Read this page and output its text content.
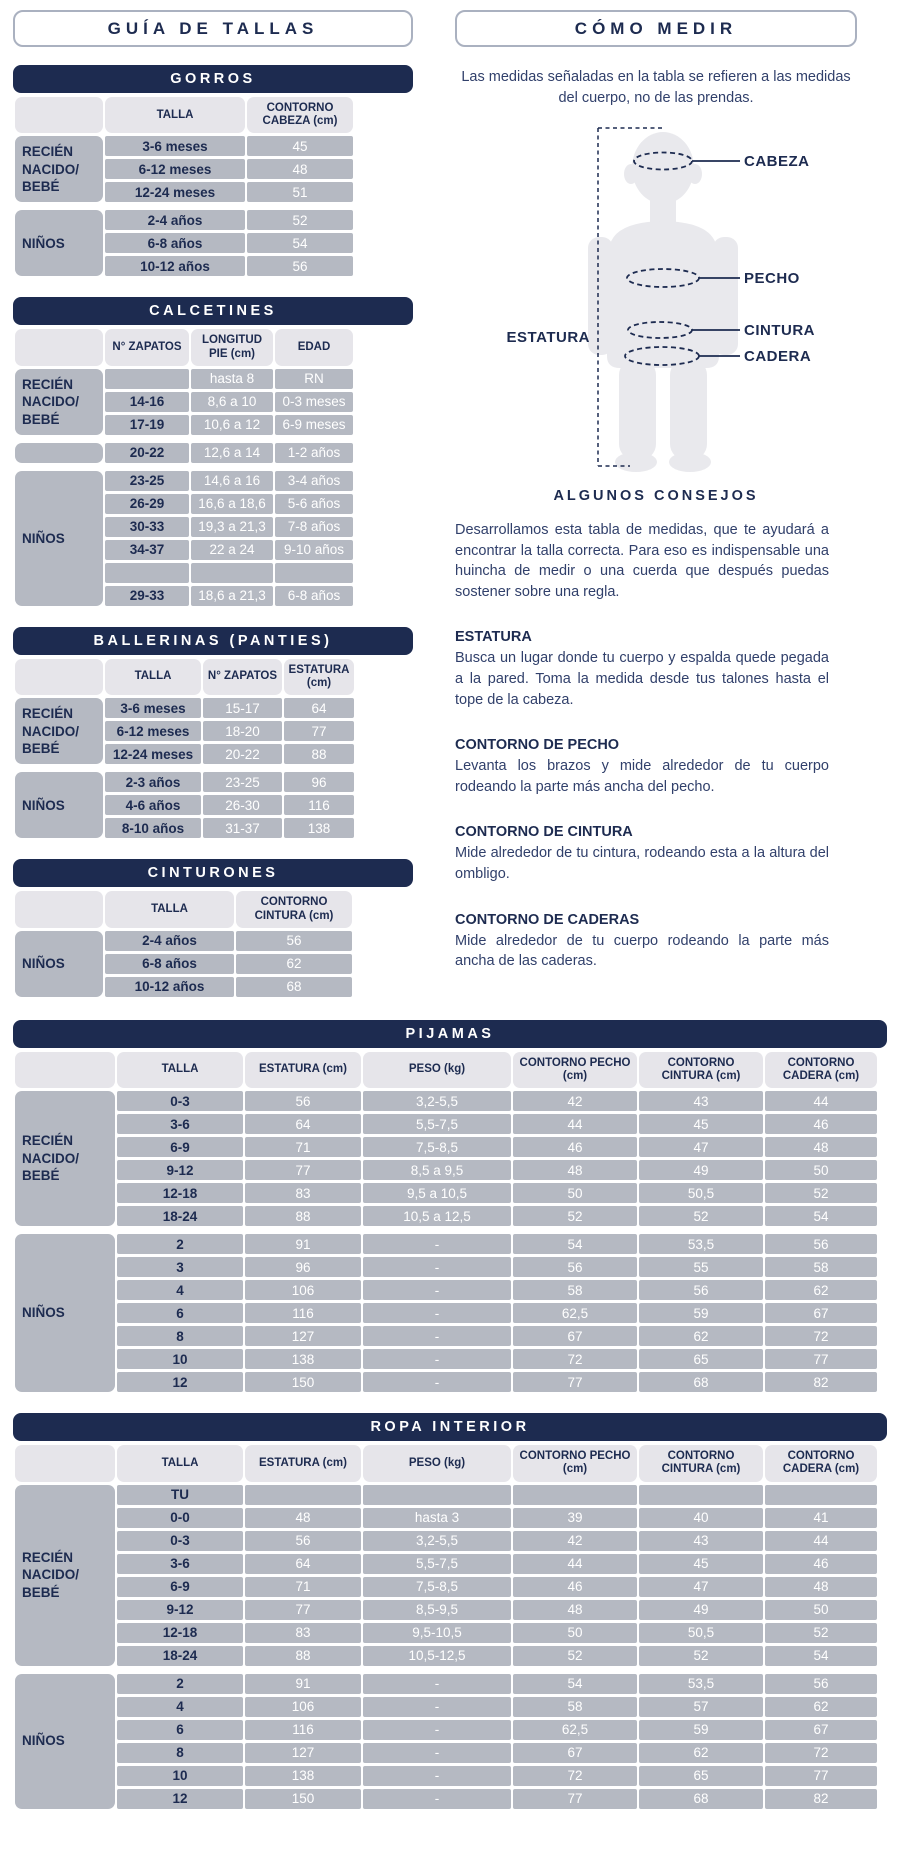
GUÍA DE TALLAS
GORROS
	TALLA	CONTORNO CABEZA (cm)
RECIÉN NACIDO/ BEBÉ	3-6 meses	45
	6-12 meses	48
	12-24 meses	51

NIÑOS	2-4 años	52
	6-8 años	54
	10-12 años	56
CALCETINES
	N° ZAPATOS	LONGITUD PIE (cm)	EDAD
RECIÉN NACIDO/ BEBÉ		hasta 8	RN
	14-16	8,6 a 10	0-3 meses
	17-19	10,6 a 12	6-9 meses

	20-22	12,6 a 14	1-2 años

NIÑOS	23-25	14,6 a 16	3-4 años
	26-29	16,6 a 18,6	5-6 años
	30-33	19,3 a 21,3	7-8 años
	34-37	22 a 24	9-10 años

	29-33	18,6 a 21,3	6-8 años
BALLERINAS (PANTIES)
	TALLA	N° ZAPATOS	ESTATURA (cm)
RECIÉN NACIDO/ BEBÉ	3-6 meses	15-17	64
	6-12 meses	18-20	77
	12-24 meses	20-22	88

NIÑOS	2-3 años	23-25	96
	4-6 años	26-30	116
	8-10 años	31-37	138
CINTURONES
	TALLA	CONTORNO CINTURA (cm)
NIÑOS	2-4 años	56
	6-8 años	62
	10-12 años	68
CÓMO MEDIR
Las medidas señaladas en la tabla se refieren a las medidas del cuerpo, no de las prendas.
CABEZA
PECHO
CINTURA
CADERA
ESTATURA
ALGUNOS CONSEJOS
Desarrollamos esta tabla de medidas, que te ayudará a encontrar la talla correcta. Para eso es indispensable una huincha de medir o una cuerda que después puedas sostener sobre una regla.
ESTATURA
Busca un lugar donde tu cuerpo y espalda quede pegada a la pared. Toma la medida desde tus talones hasta el tope de la cabeza.
CONTORNO DE PECHO
Levanta los brazos y mide alrededor de tu cuerpo rodeando la parte más ancha del pecho.
CONTORNO DE CINTURA
Mide alrededor de tu cintura, rodeando esta a la altura del ombligo.
CONTORNO DE CADERAS
Mide alrededor de tu cuerpo rodeando la parte más ancha de las caderas.
PIJAMAS
	TALLA	ESTATURA (cm)	PESO (kg)	CONTORNO PECHO (cm)	CONTORNO CINTURA (cm)	CONTORNO CADERA (cm)
RECIÉN NACIDO/ BEBÉ	0-3	56	3,2-5,5	42	43	44
	3-6	64	5,5-7,5	44	45	46
	6-9	71	7,5-8,5	46	47	48
	9-12	77	8,5 a 9,5	48	49	50
	12-18	83	9,5 a 10,5	50	50,5	52
	18-24	88	10,5 a 12,5	52	52	54

NIÑOS	2	91	-	54	53,5	56
	3	96	-	56	55	58
	4	106	-	58	56	62
	6	116	-	62,5	59	67
	8	127	-	67	62	72
	10	138	-	72	65	77
	12	150	-	77	68	82
ROPA INTERIOR
	TALLA	ESTATURA (cm)	PESO (kg)	CONTORNO PECHO (cm)	CONTORNO CINTURA (cm)	CONTORNO CADERA (cm)
RECIÉN NACIDO/ BEBÉ	TU					
	0-0	48	hasta 3	39	40	41
	0-3	56	3,2-5,5	42	43	44
	3-6	64	5,5-7,5	44	45	46
	6-9	71	7,5-8,5	46	47	48
	9-12	77	8,5-9,5	48	49	50
	12-18	83	9,5-10,5	50	50,5	52
	18-24	88	10,5-12,5	52	52	54

NIÑOS	2	91	-	54	53,5	56
	4	106	-	58	57	62
	6	116	-	62,5	59	67
	8	127	-	67	62	72
	10	138	-	72	65	77
	12	150	-	77	68	82
